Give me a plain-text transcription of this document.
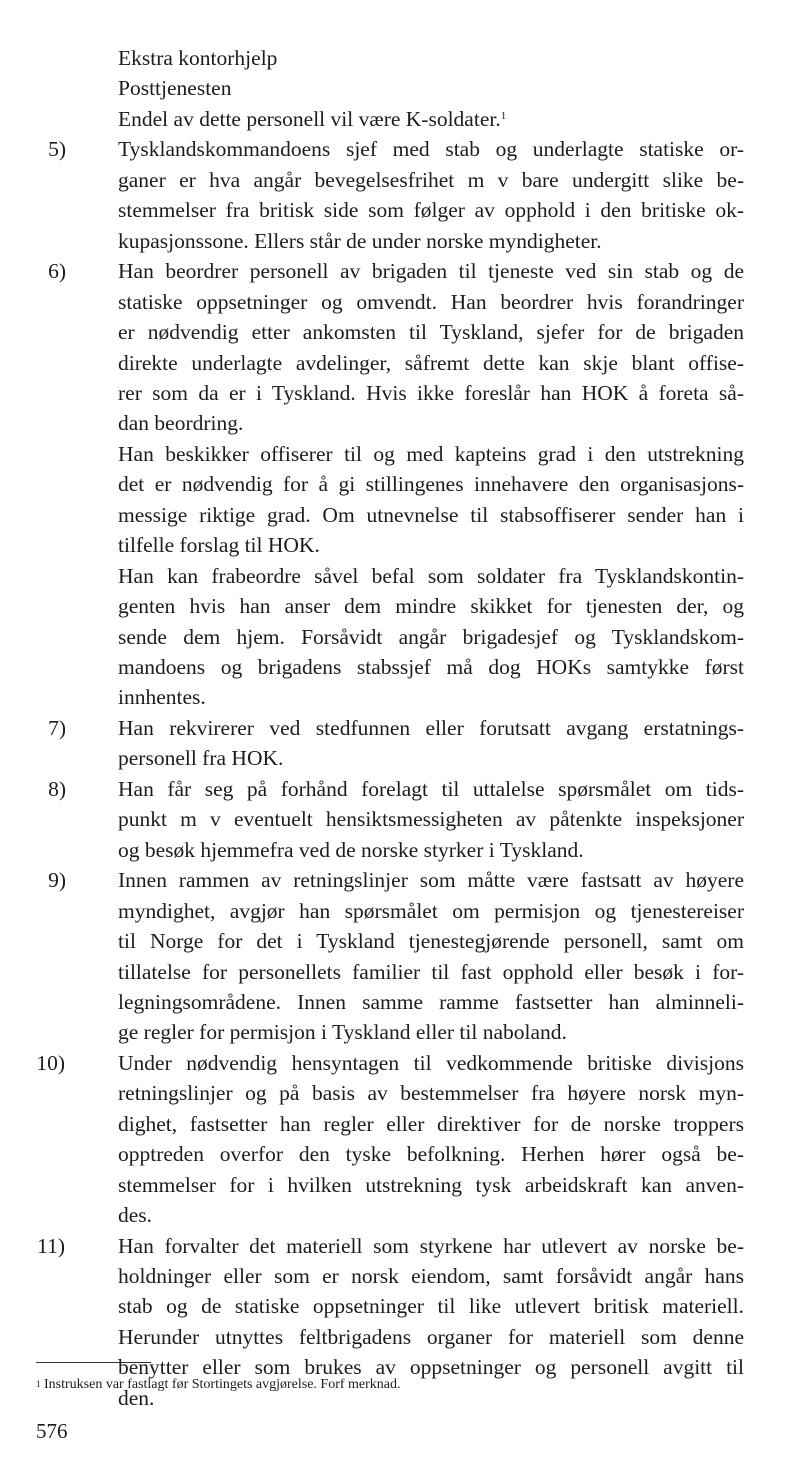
$^1$ Instruksen var fastlagt før Stortingets avgjørelse. Forf merknad.
576
Ekstra kontorhjelp
Posttjenesten
Endel av dette personell vil være K-soldater.$^1$
5) Tysklandskommandoens sjef med stab og underlagte statiske or-
ganer er hva angår bevegelsesfrihet m v bare undergitt slike be-
stemmelser fra britisk side som følger av opphold i den britiske ok-
kupasjonssone. Ellers står de under norske myndigheter.
6) Han beordrer personell av brigaden til tjeneste ved sin stab og de
statiske oppsetninger og omvendt. Han beordrer hvis forandringer
er nødvendig etter ankomsten til Tyskland, sjefer for de brigaden
direkte underlagte avdelinger, såfremt dette kan skje blant offise-
rer som da er i Tyskland. Hvis ikke foreslår han HOK å foreta så-
dan beordring.
Han beskikker offiserer til og med kapteins grad i den utstrekning
det er nødvendig for å gi stillingenes innehavere den organisasjons-
messige riktige grad. Om utnevnelse til stabsoffiserer sender han i
tilfelle forslag til HOK.
Han kan frabeordre såvel befal som soldater fra Tysklandskontin-
genten hvis han anser dem mindre skikket for tjenesten der, og
sende dem hjem. Forsåvidt angår brigadesjef og Tysklandskom-
mandoens og brigadens stabssjef må dog HOKs samtykke først
innhentes.
7) Han rekvirerer ved stedfunnen eller forutsatt avgang erstatnings-
personell fra HOK.
8) Han får seg på forhånd forelagt til uttalelse spørsmålet om tids-
punkt m v eventuelt hensiktsmessigheten av påtenkte inspeksjoner
og besøk hjemmefra ved de norske styrker i Tyskland.
9) Innen rammen av retningslinjer som måtte være fastsatt av høyere
myndighet, avgjør han spørsmålet om permisjon og tjenestereiser
til Norge for det i Tyskland tjenestegjørende personell, samt om
tillatelse for personellets familier til fast opphold eller besøk i for-
legningsområdene. Innen samme ramme fastsetter han alminneli-
ge regler for permisjon i Tyskland eller til naboland.
10) Under nødvendig hensyntagen til vedkommende britiske divisjons
retningslinjer og på basis av bestemmelser fra høyere norsk myn-
dighet, fastsetter han regler eller direktiver for de norske troppers
opptreden overfor den tyske befolkning. Herhen hører også be-
stemmelser for i hvilken utstrekning tysk arbeidskraft kan anven-
des.
11) Han forvalter det materiell som styrkene har utlevert av norske be-
holdninger eller som er norsk eiendom, samt forsåvidt angår hans
stab og de statiske oppsetninger til like utlevert britisk materiell.
Herunder utnyttes feltbrigadens organer for materiell som denne
benytter eller som brukes av oppsetninger og personell avgitt til
den.
